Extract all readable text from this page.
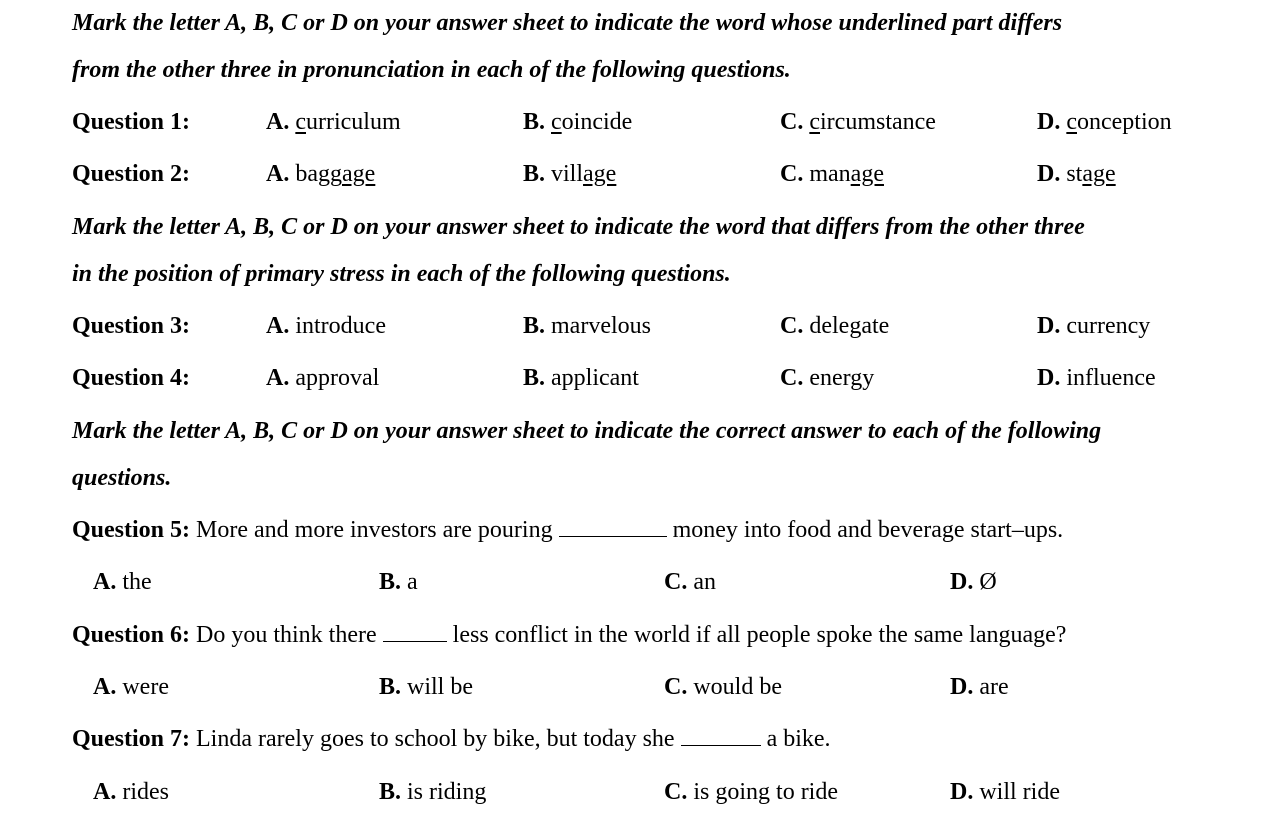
Mark the letter A, B, C or D on your answer sheet to indicate the word whose underlined part differs
from the other three in pronunciation in each of the following questions.
Question 1:	A. curriculum	B. coincide	C. circumstance	D. conception
Question 2:	A. baggage	B. village	C. manage	D. stage
Mark the letter A, B, C or D on your answer sheet to indicate the word that differs from the other three
in the position of primary stress in each of the following questions.
Question 3:	A. introduce	B. marvelous	C. delegate	D. currency
Question 4:	A. approval	B. applicant	C. energy	D. influence
Mark the letter A, B, C or D on your answer sheet to indicate the correct answer to each of the following
questions.
Question 5: More and more investors are pouring	money into food and beverage start–ups.
A. the	B. a	C. an	D. Ø
Question 6: Do you think there	less conflict in the world if all people spoke the same language?
A. were	B. will be	C. would be	D. are
Question 7: Linda rarely goes to school by bike, but today she	a bike.
A. rides	B. is riding	C. is going to ride	D. will ride
